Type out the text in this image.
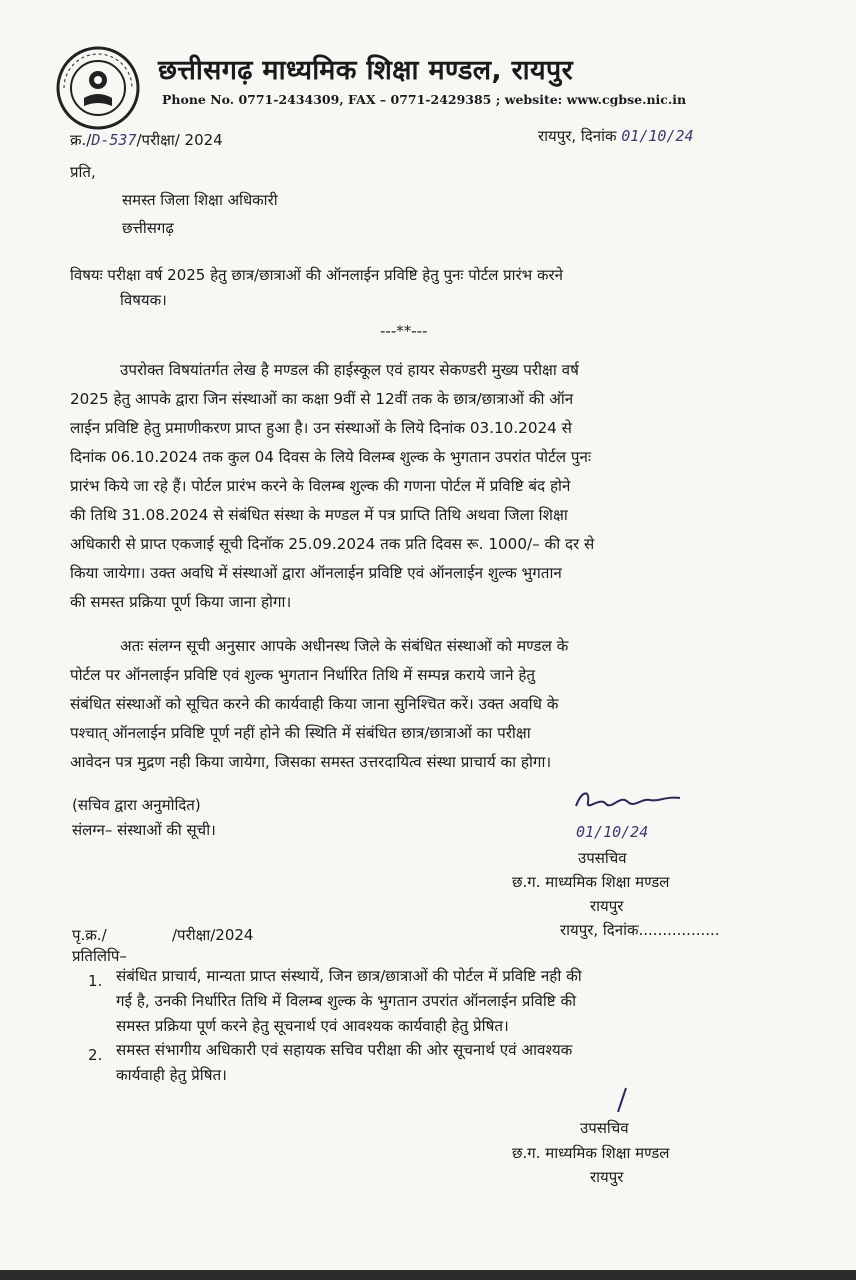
छत्तीसगढ़ माध्यमिक शिक्षा मण्डल, रायपुर
Phone No. 0771-2434309, FAX – 0771-2429385 ; website: www.cgbse.nic.in
क्र./D-537/परीक्षा/ 2024	रायपुर, दिनांक 01/10/24
प्रति,
समस्त जिला शिक्षा अधिकारी
छत्तीसगढ़
विषयः परीक्षा वर्ष 2025 हेतु छात्र/छात्राओं की ऑनलाईन प्रविष्टि हेतु पुनः पोर्टल प्रारंभ करने
विषयक।
---**---
उपरोक्त विषयांतर्गत लेख है मण्डल की हाईस्कूल एवं हायर सेकण्डरी मुख्य परीक्षा वर्ष
2025 हेतु आपके द्वारा जिन संस्थाओं का कक्षा 9वीं से 12वीं तक के छात्र/छात्राओं की ऑन
लाईन प्रविष्टि हेतु प्रमाणीकरण प्राप्त हुआ है। उन संस्थाओं के लिये दिनांक 03.10.2024 से
दिनांक 06.10.2024 तक कुल 04 दिवस के लिये विलम्ब शुल्क के भुगतान उपरांत पोर्टल पुनः
प्रारंभ किये जा रहे हैं। पोर्टल प्रारंभ करने के विलम्ब शुल्क की गणना पोर्टल में प्रविष्टि बंद होने
की तिथि 31.08.2024 से संबंधित संस्था के मण्डल में पत्र प्राप्ति तिथि अथवा जिला शिक्षा
अधिकारी से प्राप्त एकजाई सूची दिनॉक 25.09.2024 तक प्रति दिवस रू. 1000/– की दर से
किया जायेगा। उक्त अवधि में संस्थाओं द्वारा ऑनलाईन प्रविष्टि एवं ऑनलाईन शुल्क भुगतान
की समस्त प्रक्रिया पूर्ण किया जाना होगा।
अतः संलग्न सूची अनुसार आपके अधीनस्थ जिले के संबंधित संस्थाओं को मण्डल के
पोर्टल पर ऑनलाईन प्रविष्टि एवं शुल्क भुगतान निर्धारित तिथि में सम्पन्न कराये जाने हेतु
संबंधित संस्थाओं को सूचित करने की कार्यवाही किया जाना सुनिश्चित करें। उक्त अवधि के
पश्चात् ऑनलाईन प्रविष्टि पूर्ण नहीं होने की स्थिति में संबंधित छात्र/छात्राओं का परीक्षा
आवेदन पत्र मुद्रण नही किया जायेगा, जिसका समस्त उत्तरदायित्व संस्था प्राचार्य का होगा।
(सचिव द्वारा अनुमोदित)
संलग्न– संस्थाओं की सूची।	01/10/24
उपसचिव
छ.ग. माध्यमिक शिक्षा मण्डल
रायपुर
पृ.क्र./	/परीक्षा/2024	रायपुर, दिनांक.................
प्रतिलिपि–
1. संबंधित प्राचार्य, मान्यता प्राप्त संस्थायें, जिन छात्र/छात्राओं की पोर्टल में प्रविष्टि नही की
गई है, उनकी निर्धारित तिथि में विलम्ब शुल्क के भुगतान उपरांत ऑनलाईन प्रविष्टि की
समस्त प्रक्रिया पूर्ण करने हेतु सूचनार्थ एवं आवश्यक कार्यवाही हेतु प्रेषित।
2. समस्त संभागीय अधिकारी एवं सहायक सचिव परीक्षा की ओर सूचनार्थ एवं आवश्यक
कार्यवाही हेतु प्रेषित।
उपसचिव
छ.ग. माध्यमिक शिक्षा मण्डल
रायपुर
